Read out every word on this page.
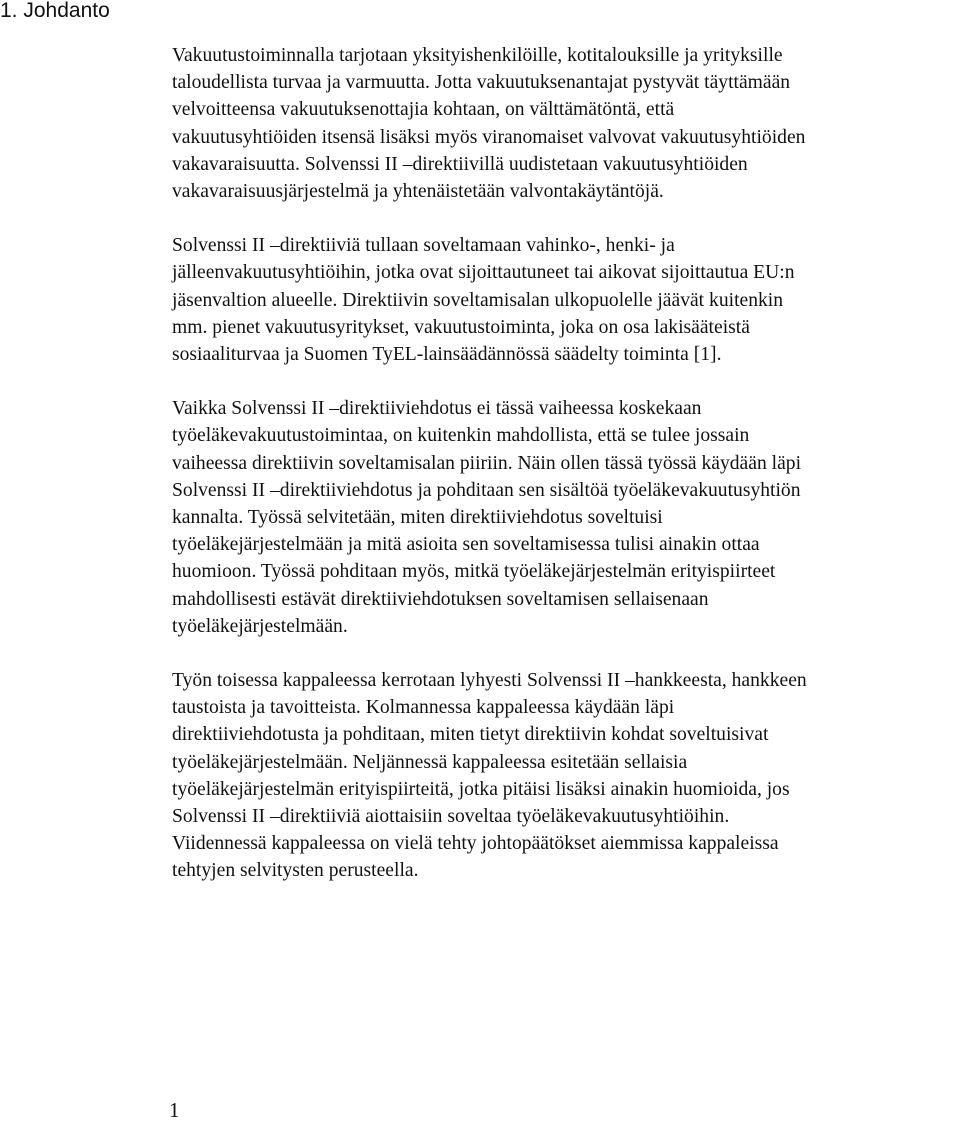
1. Johdanto

Vakuutustoiminnalla tarjotaan yksityishenkilöille, kotitalouksille ja yrityksille
taloudellista turvaa ja varmuutta. Jotta vakuutuksenantajat pystyvät täyttämään
velvoitteensa vakuutuksenottajia kohtaan, on välttämätöntä, että
vakuutusyhtiöiden itsensä lisäksi myös viranomaiset valvovat vakuutusyhtiöiden
vakavaraisuutta. Solvenssi II –direktiivillä uudistetaan vakuutusyhtiöiden
vakavaraisuusjärjestelmä ja yhtenäistetään valvontakäytäntöjä.

Solvenssi II –direktiiviä tullaan soveltamaan vahinko-, henki- ja
jälleenvakuutusyhtiöihin, jotka ovat sijoittautuneet tai aikovat sijoittautua EU:n
jäsenvaltion alueelle. Direktiivin soveltamisalan ulkopuolelle jäävät kuitenkin
mm. pienet vakuutusyritykset, vakuutustoiminta, joka on osa lakisääteistä
sosiaaliturvaa ja Suomen TyEL-lainsäädännössä säädelty toiminta [1].

Vaikka Solvenssi II –direktiiviehdotus ei tässä vaiheessa koskekaan
työeläkevakuutustoimintaa, on kuitenkin mahdollista, että se tulee jossain
vaiheessa direktiivin soveltamisalan piiriin. Näin ollen tässä työssä käydään läpi
Solvenssi II –direktiiviehdotus ja pohditaan sen sisältöä työeläkevakuutusyhtiön
kannalta. Työssä selvitetään, miten direktiiviehdotus soveltuisi
työeläkejärjestelmään ja mitä asioita sen soveltamisessa tulisi ainakin ottaa
huomioon. Työssä pohditaan myös, mitkä työeläkejärjestelmän erityispiirteet
mahdollisesti estävät direktiiviehdotuksen soveltamisen sellaisenaan
työeläkejärjestelmään.

Työn toisessa kappaleessa kerrotaan lyhyesti Solvenssi II –hankkeesta, hankkeen
taustoista ja tavoitteista. Kolmannessa kappaleessa käydään läpi
direktiiviehdotusta ja pohditaan, miten tietyt direktiivin kohdat soveltuisivat
työeläkejärjestelmään. Neljännessä kappaleessa esitetään sellaisia
työeläkejärjestelmän erityispiirteitä, jotka pitäisi lisäksi ainakin huomioida, jos
Solvenssi II –direktiiviä aiottaisiin soveltaa työeläkevakuutusyhtiöihin.
Viidennessä kappaleessa on vielä tehty johtopäätökset aiemmissa kappaleissa
tehtyjen selvitysten perusteella.

1
